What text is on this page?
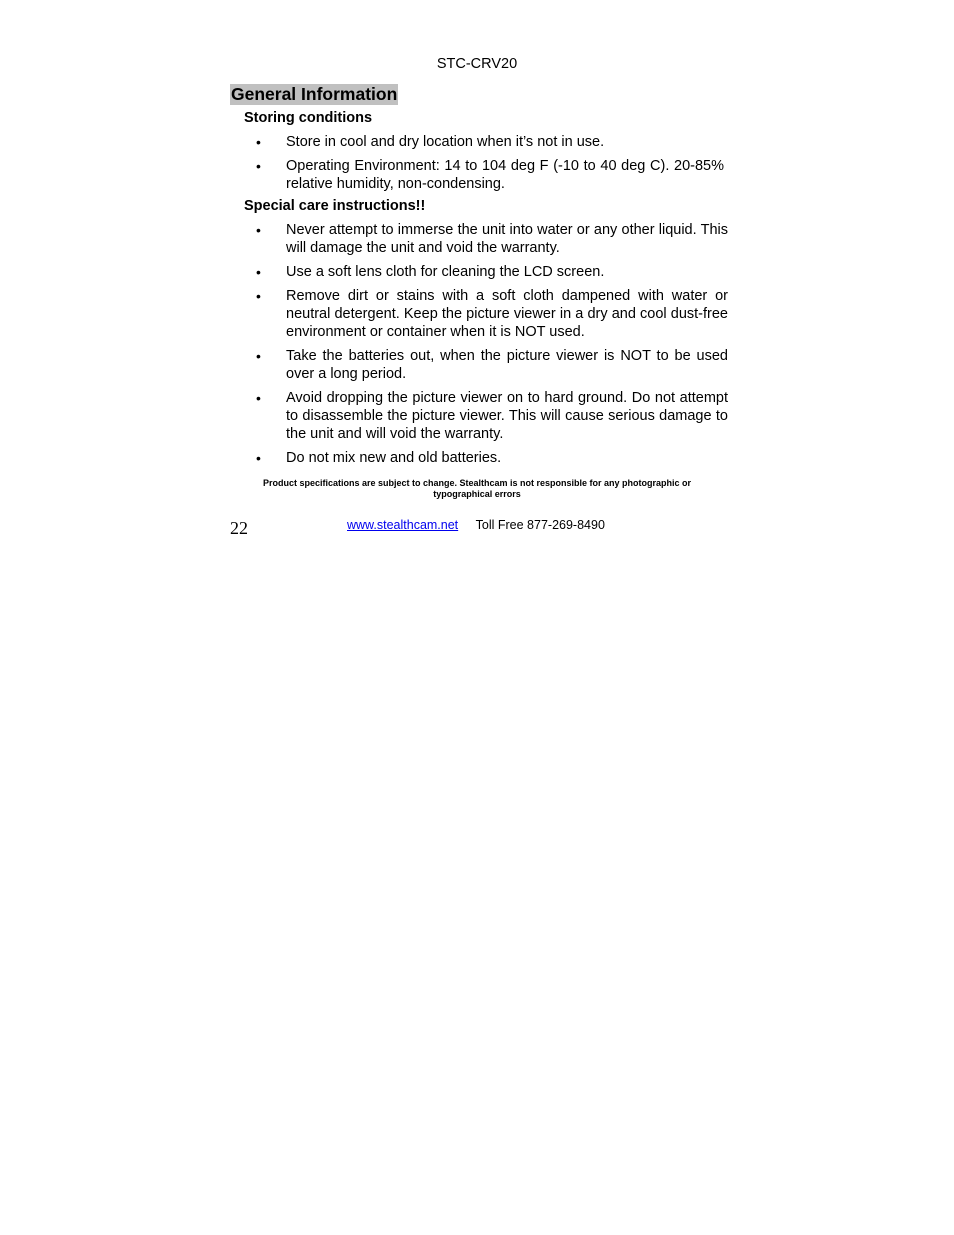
STC-CRV20
General Information
Storing conditions
• Store in cool and dry location when it’s not in use.
• Operating Environment: 14 to 104 deg F (-10 to 40 deg C). 20-85% relative humidity, non-condensing.
Special care instructions!!
• Never attempt to immerse the unit into water or any other liquid. This will damage the unit and void the warranty.
• Use a soft lens cloth for cleaning the LCD screen.
• Remove dirt or stains with a soft cloth dampened with water or neutral detergent. Keep the picture viewer in a dry and cool dust-free environment or container when it is NOT used.
• Take the batteries out, when the picture viewer is NOT to be used over a long period.
• Avoid dropping the picture viewer on to hard ground. Do not attempt to disassemble the picture viewer. This will cause serious damage to the unit and will void the warranty.
• Do not mix new and old batteries.
Product specifications are subject to change. Stealthcam is not responsible for any photographic or typographical errors
22	www.stealthcam.net Toll Free 877-269-8490
